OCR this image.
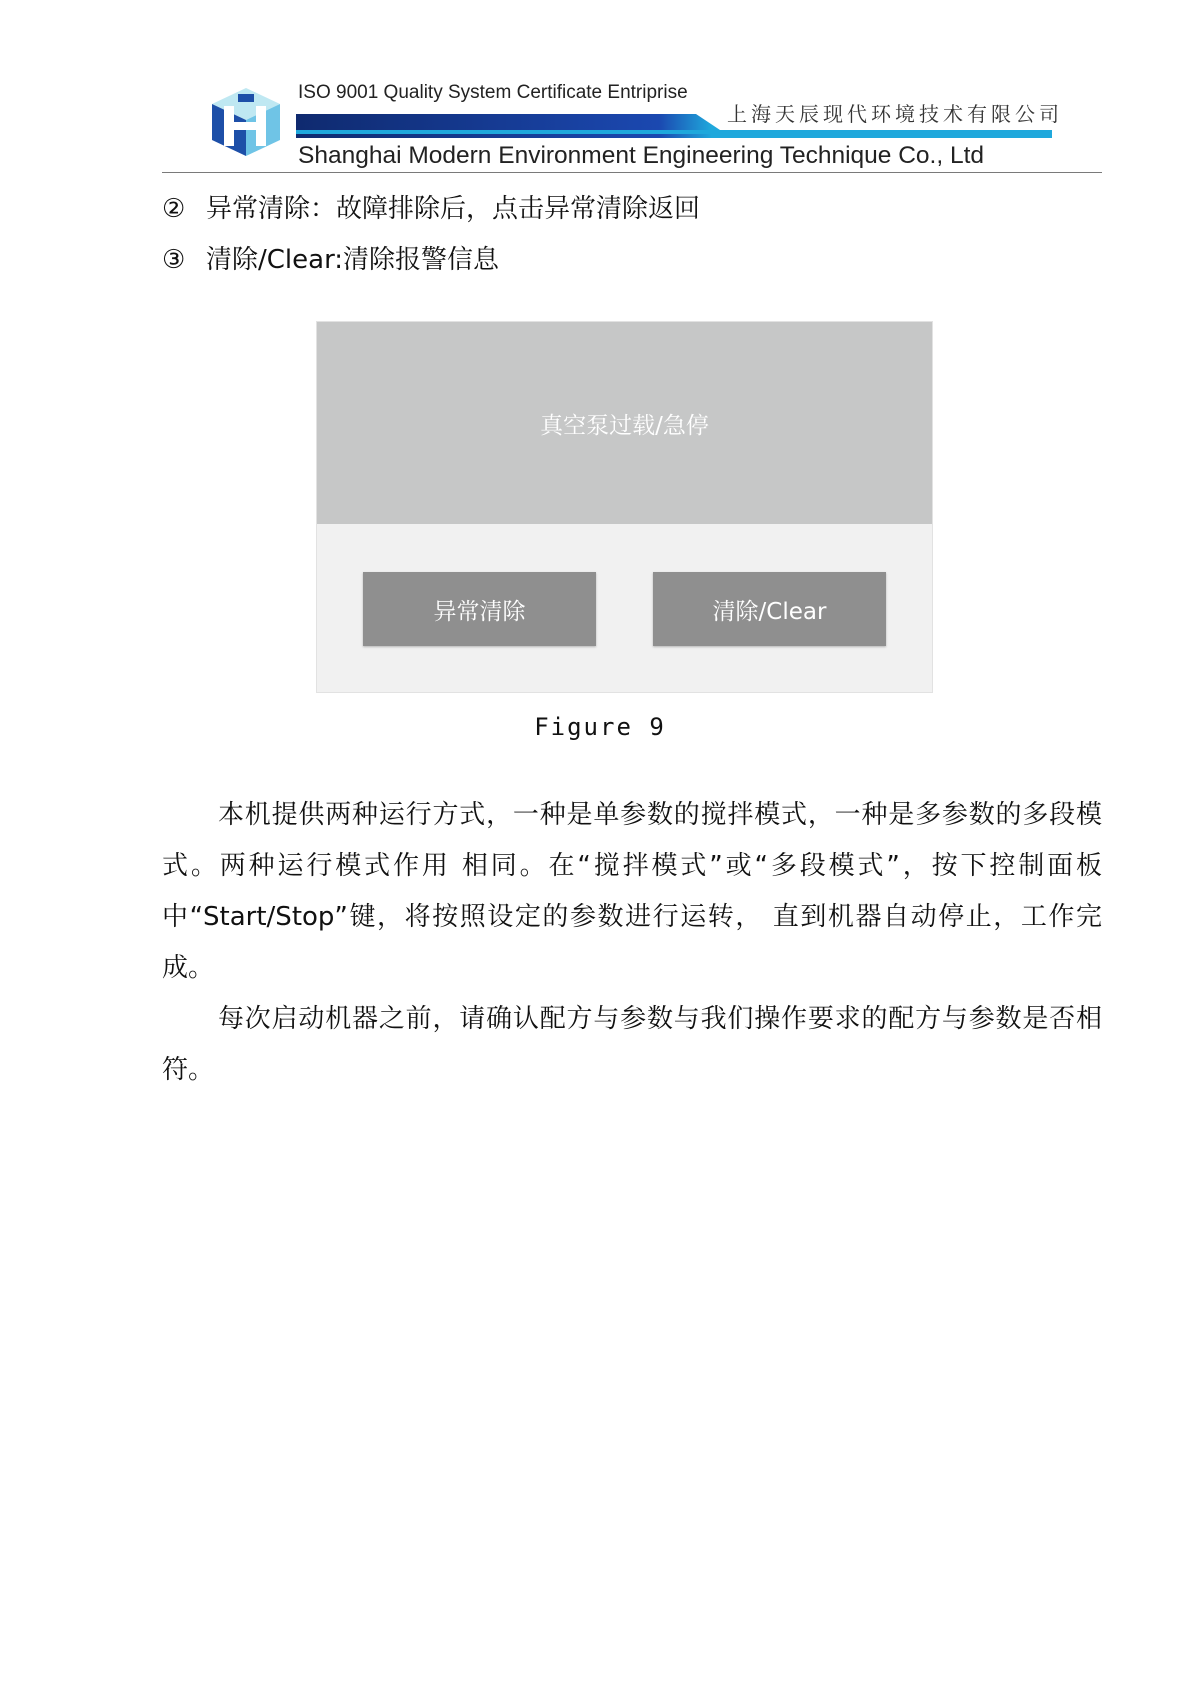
ISO 9001 Quality System Certificate Entriprise
上海天辰现代环境技术有限公司
Shanghai Modern Environment Engineering Technique Co., Ltd
② 异常清除：故障排除后，点击异常清除返回
③ 清除/Clear:清除报警信息
真空泵过载/急停
异常清除	清除/Clear
Figure 9
本机提供两种运行方式，一种是单参数的搅拌模式，一种是多参数的多段模式。两种运行模式作用 相同。在“搅拌模式”或“多段模式”，按下控制面板中“Start/Stop”键，将按照设定的参数进行运转， 直到机器自动停止，工作完成。
每次启动机器之前，请确认配方与参数与我们操作要求的配方与参数是否相符。
